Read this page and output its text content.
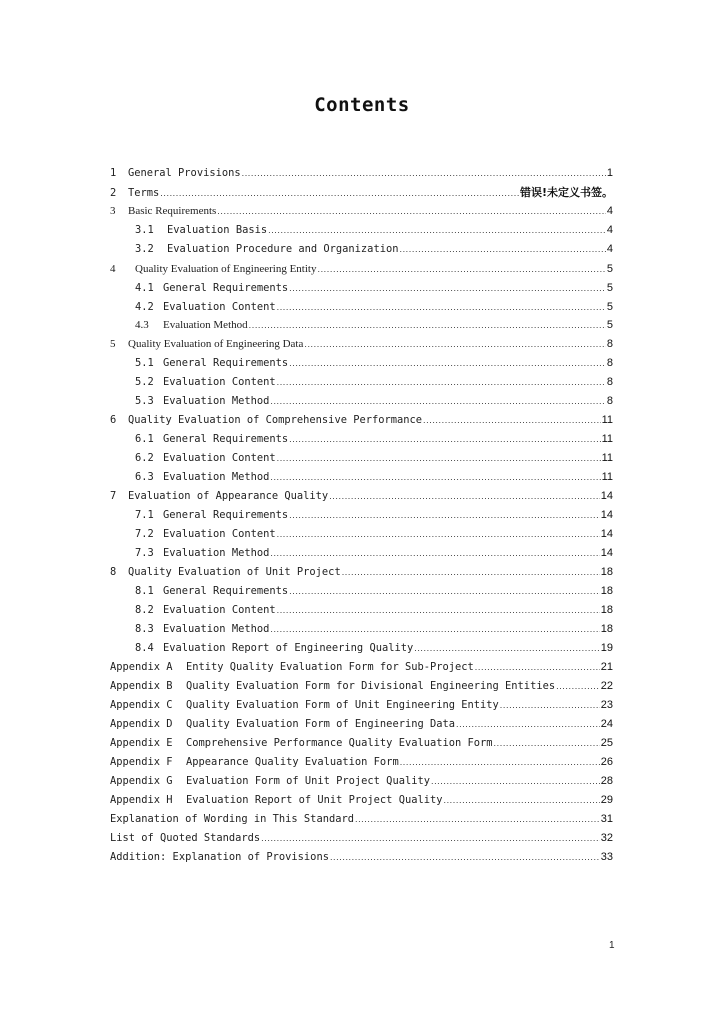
Contents
1 General Provisions .....	1
2 Terms .....	错误!未定义书签。
3 Basic Requirements .....	4
3.1 Evaluation Basis .....	4
3.2 Evaluation Procedure and Organization .....	4
4 Quality Evaluation of Engineering Entity .....	5
4.1 General Requirements .....	5
4.2 Evaluation Content .....	5
4.3 Evaluation Method .....	5
5 Quality Evaluation of Engineering Data .....	8
5.1 General Requirements .....	8
5.2 Evaluation Content .....	8
5.3 Evaluation Method .....	8
6 Quality Evaluation of Comprehensive Performance .....	11
6.1 General Requirements .....	11
6.2 Evaluation Content .....	11
6.3 Evaluation Method .....	11
7 Evaluation of Appearance Quality .....	14
7.1 General Requirements .....	14
7.2 Evaluation Content .....	14
7.3 Evaluation Method .....	14
8 Quality Evaluation of Unit Project .....	18
8.1 General Requirements .....	18
8.2 Evaluation Content .....	18
8.3 Evaluation Method .....	18
8.4 Evaluation Report of Engineering Quality .....	19
Appendix A Entity Quality Evaluation Form for Sub-Project .....	21
Appendix B Quality Evaluation Form for Divisional Engineering Entities .....	22
Appendix C Quality Evaluation Form of Unit Engineering Entity .....	23
Appendix D Quality Evaluation Form of Engineering Data .....	24
Appendix E Comprehensive Performance Quality Evaluation Form .....	25
Appendix F Appearance Quality Evaluation Form .....	26
Appendix G Evaluation Form of Unit Project Quality .....	28
Appendix H Evaluation Report of Unit Project Quality .....	29
Explanation of Wording in This Standard .....	31
List of Quoted Standards .....	32
Addition: Explanation of Provisions .....	33
1
